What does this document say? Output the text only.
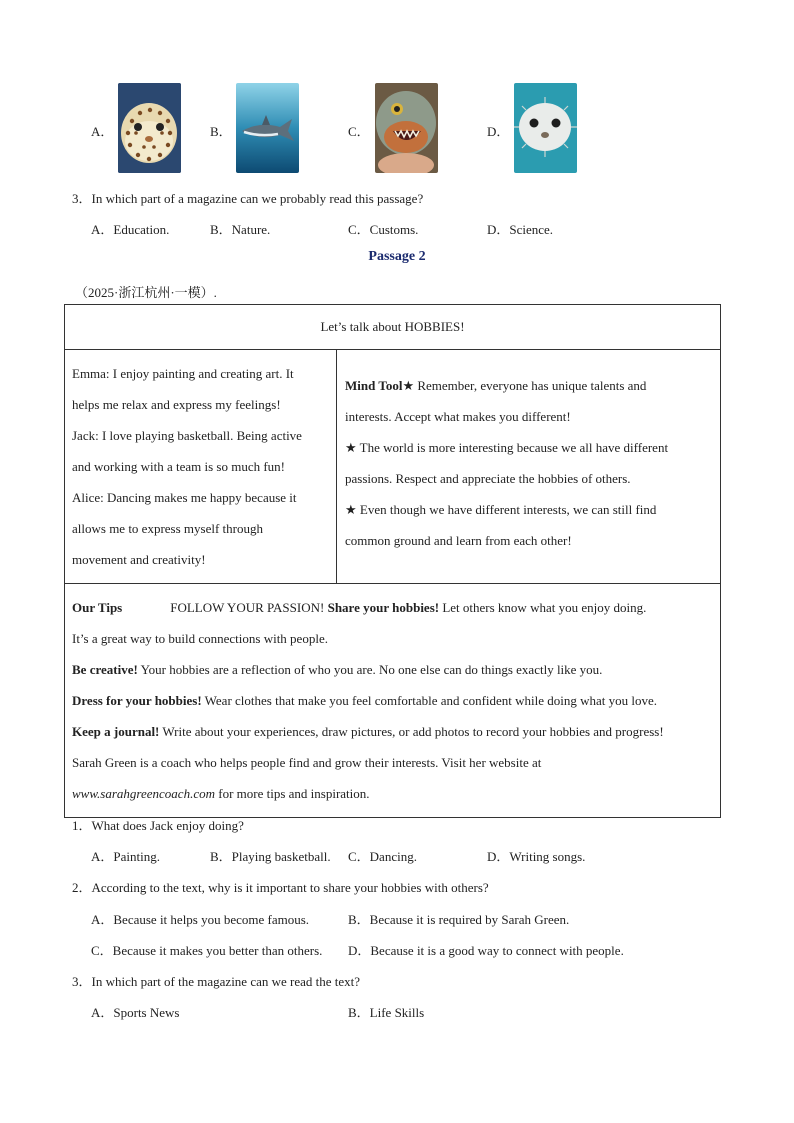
A．	B．	C．	D．
3．In which part of a magazine can we probably read this passage?
A．Education.	B．Nature.	C．Customs.	D．Science.
Passage 2
（2025·浙江杭州·一模）.
Let’s talk about HOBBIES!

Emma: I enjoy painting and creating art. It
helps me relax and express my feelings!
Jack: I love playing basketball. Being active
and working with a team is so much fun!
Alice: Dancing makes me happy because it
allows me to express myself through
movement and creativity!

Mind Tool★ Remember, everyone has unique talents and
interests. Accept what makes you different!
★ The world is more interesting because we all have different
passions. Respect and appreciate the hobbies of others.
★ Even though we have different interests, we can still find
common ground and learn from each other!

Our Tips	FOLLOW YOUR PASSION! Share your hobbies! Let others know what you enjoy doing.
It’s a great way to build connections with people.
Be creative! Your hobbies are a reflection of who you are. No one else can do things exactly like you.
Dress for your hobbies! Wear clothes that make you feel comfortable and confident while doing what you love.
Keep a journal! Write about your experiences, draw pictures, or add photos to record your hobbies and progress!
Sarah Green is a coach who helps people find and grow their interests. Visit her website at
www.sarahgreencoach.com for more tips and inspiration.
1．What does Jack enjoy doing?
A．Painting.	B．Playing basketball. C．Dancing.	D．Writing songs.
2．According to the text, why is it important to share your hobbies with others?
A．Because it helps you become famous.	B．Because it is required by Sarah Green.
C．Because it makes you better than others. D．Because it is a good way to connect with people.
3．In which part of the magazine can we read the text?
A．Sports News	B．Life Skills
